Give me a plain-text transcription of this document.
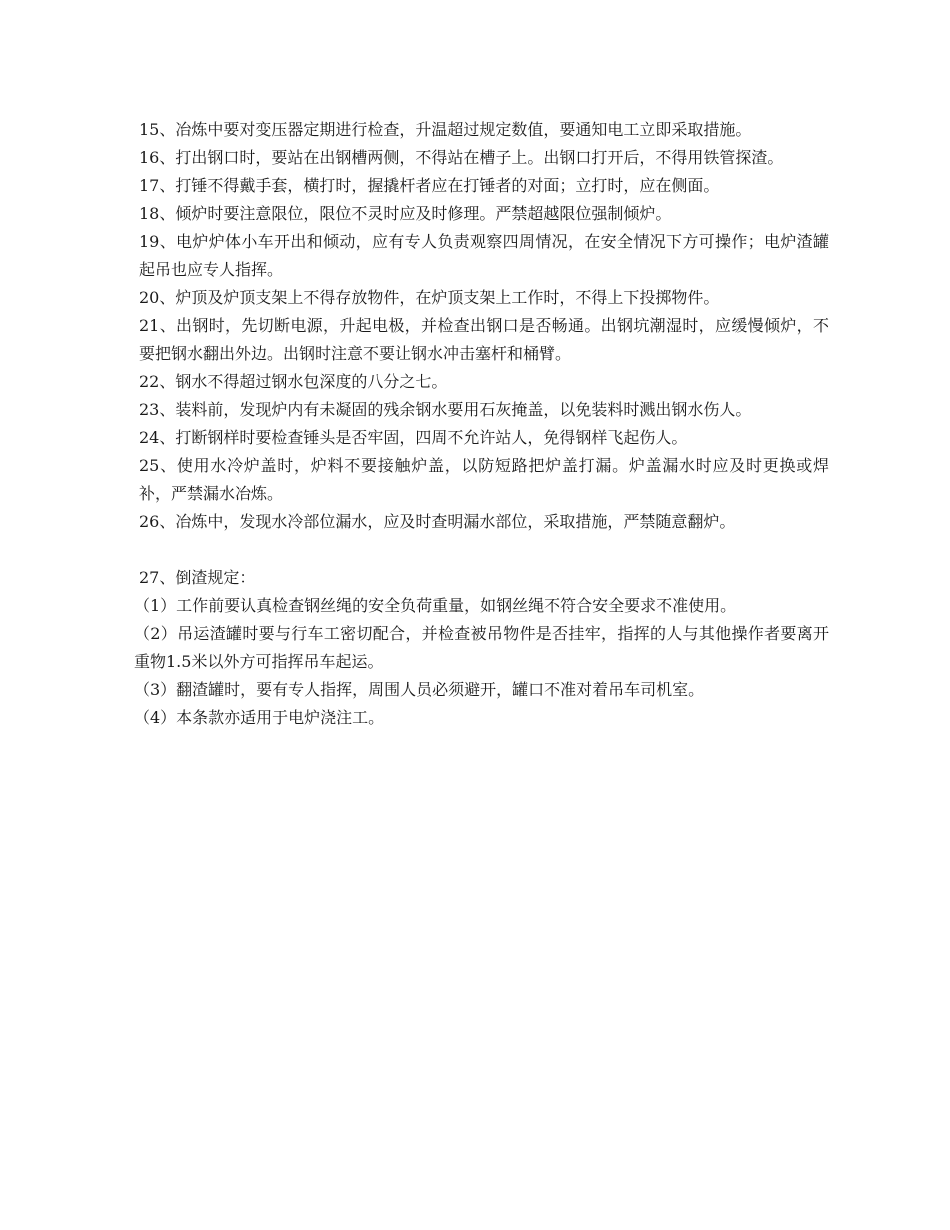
15、冶炼中要对变压器定期进行检查，升温超过规定数值，要通知电工立即采取措施。

16、打出钢口时，要站在出钢槽两侧，不得站在槽子上。出钢口打开后，不得用铁管探渣。

17、打锤不得戴手套，横打时，握撬杆者应在打锤者的对面；立打时，应在侧面。

18、倾炉时要注意限位，限位不灵时应及时修理。严禁超越限位强制倾炉。

19、电炉炉体小车开出和倾动，应有专人负责观察四周情况，在安全情况下方可操作；电炉渣罐起吊也应专人指挥。

20、炉顶及炉顶支架上不得存放物件，在炉顶支架上工作时，不得上下投掷物件。

21、出钢时，先切断电源，升起电极，并检查出钢口是否畅通。出钢坑潮湿时，应缓慢倾炉，不要把钢水翻出外边。出钢时注意不要让钢水冲击塞杆和桶臂。

22、钢水不得超过钢水包深度的八分之七。

23、装料前，发现炉内有未凝固的残余钢水要用石灰掩盖，以免装料时溅出钢水伤人。

24、打断钢样时要检查锤头是否牢固，四周不允许站人，免得钢样飞起伤人。

25、使用水冷炉盖时，炉料不要接触炉盖，以防短路把炉盖打漏。炉盖漏水时应及时更换或焊补，严禁漏水冶炼。

26、冶炼中，发现水冷部位漏水，应及时查明漏水部位，采取措施，严禁随意翻炉。

27、倒渣规定：

（1）工作前要认真检查钢丝绳的安全负荷重量，如钢丝绳不符合安全要求不准使用。

（2）吊运渣罐时要与行车工密切配合，并检查被吊物件是否挂牢，指挥的人与其他操作者要离开重物1.5米以外方可指挥吊车起运。

（3）翻渣罐时，要有专人指挥，周围人员必须避开，罐口不准对着吊车司机室。

（4）本条款亦适用于电炉浇注工。
